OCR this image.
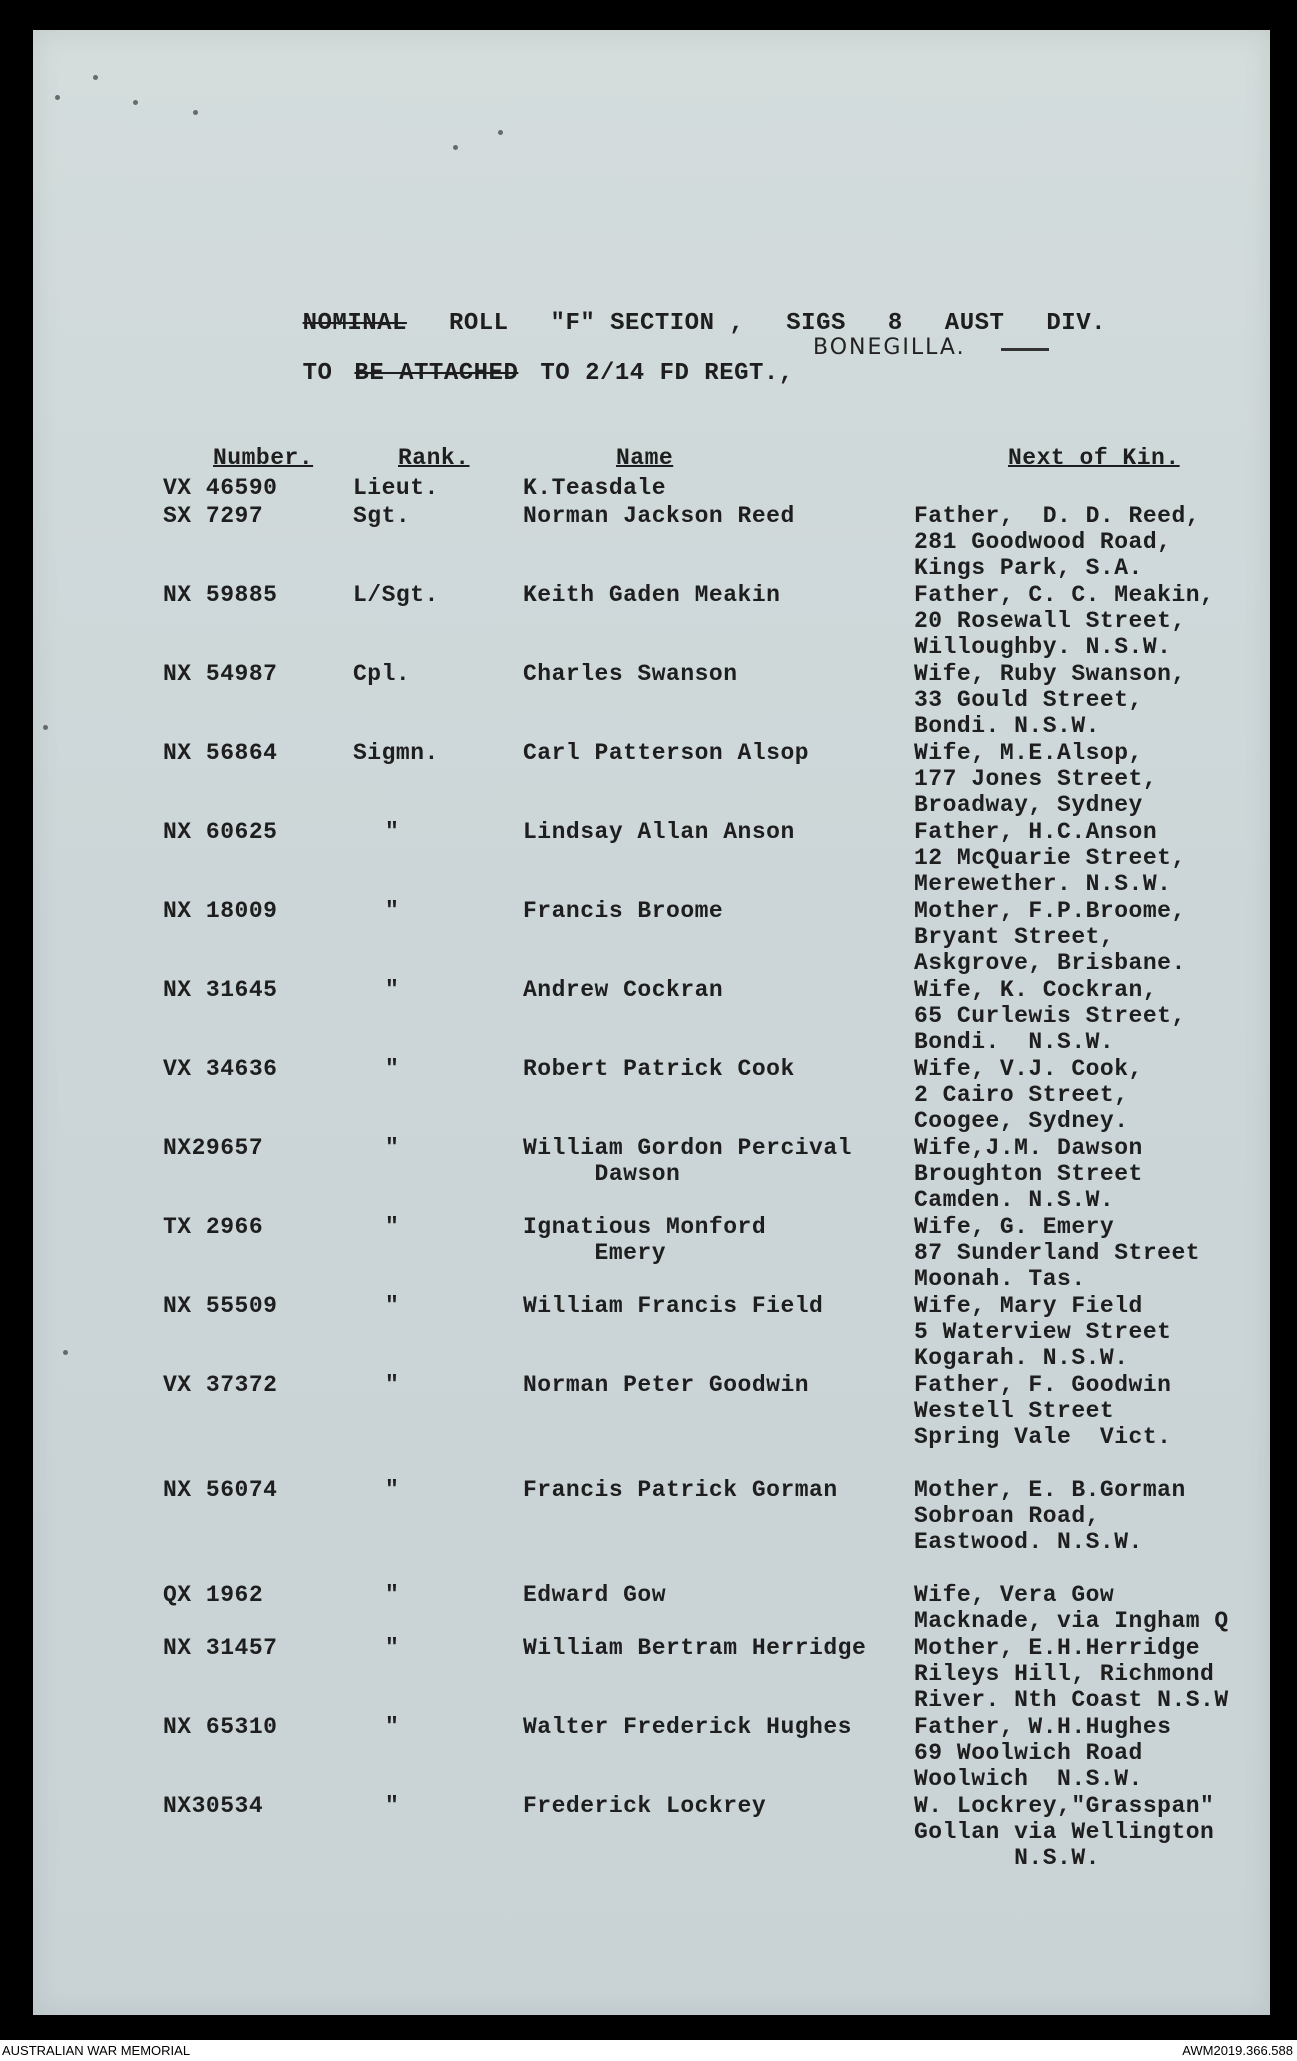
NOMINAL ROLL "F" SECTION , SIGS 8 AUST DIV.

TO BE ATTACHED TO 2/14 FD REGT.,

BONEGILLA.
Number.	Rank.	Name	Next of Kin.
VX 46590	Lieut.	K.Teasdale
SX 7297	Sgt.	Norman Jackson Reed	Father,  D. D. Reed,
281 Goodwood Road,
Kings Park, S.A.
NX 59885	L/Sgt.	Keith Gaden Meakin	Father, C. C. Meakin,
20 Rosewall Street,
Willoughby. N.S.W.
NX 54987	Cpl.	Charles Swanson	Wife, Ruby Swanson,
33 Gould Street,
Bondi. N.S.W.
NX 56864	Sigmn.	Carl Patterson Alsop	Wife, M.E.Alsop,
177 Jones Street,
Broadway, Sydney
NX 60625	"	Lindsay Allan Anson	Father, H.C.Anson
12 McQuarie Street,
Merewether. N.S.W.
NX 18009	"	Francis Broome	Mother, F.P.Broome,
Bryant Street,
Askgrove, Brisbane.
NX 31645	"	Andrew Cockran	Wife, K. Cockran,
65 Curlewis Street,
Bondi.  N.S.W.
VX 34636	"	Robert Patrick Cook	Wife, V.J. Cook,
2 Cairo Street,
Coogee, Sydney.
NX29657	"	William Gordon Percival
Dawson
Wife,J.M. Dawson
Broughton Street
Camden. N.S.W.
TX 2966	"	Ignatious Monford
Emery
Wife, G. Emery
87 Sunderland Street
Moonah. Tas.
NX 55509	"	William Francis Field	Wife, Mary Field
5 Waterview Street
Kogarah. N.S.W.
VX 37372	"	Norman Peter Goodwin	Father, F. Goodwin
Westell Street
Spring Vale  Vict.
NX 56074	"	Francis Patrick Gorman	Mother, E. B.Gorman
Sobroan Road,
Eastwood. N.S.W.
QX 1962	"	Edward Gow	Wife, Vera Gow
Macknade, via Ingham Q
NX 31457	"	William Bertram Herridge Mother, E.H.Herridge
Rileys Hill, Richmond
River. Nth Coast N.S.W
NX 65310	"	Walter Frederick Hughes	Father, W.H.Hughes
69 Woolwich Road
Woolwich  N.S.W.
NX30534	"	Frederick Lockrey	W. Lockrey,"Grasspan"
Gollan via Wellington
N.S.W.
AUSTRALIAN WAR MEMORIAL	AWM2019.366.588
